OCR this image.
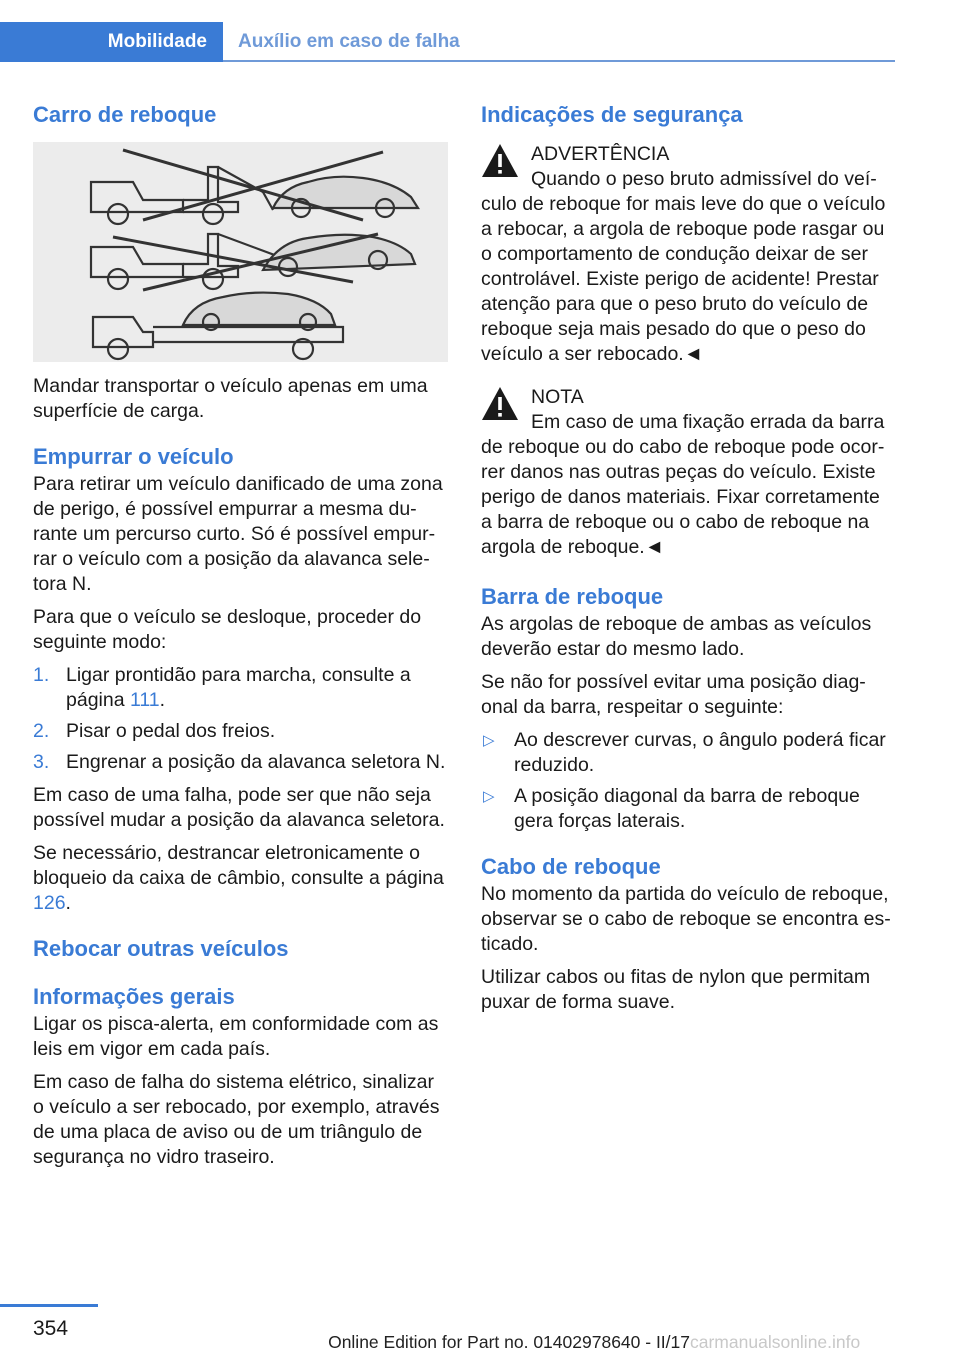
Mobilidade	Auxílio em caso de falha
Carro de reboque

Mandar transportar o veículo apenas em uma superfície de carga.

Empurrar o veículo

Para retirar um veículo danificado de uma zona de perigo, é possível empurrar a mesma du-rante um percurso curto. Só é possível empur-rar o veículo com a posição da alavanca sele-tora N.

Para que o veículo se desloque, proceder do seguinte modo:

1. Ligar prontidão para marcha, consulte a página 111.
2. Pisar o pedal dos freios.
3. Engrenar a posição da alavanca seletora N.

Em caso de uma falha, pode ser que não seja possível mudar a posição da alavanca seletora.

Se necessário, destrancar eletronicamente o bloqueio da caixa de câmbio, consulte a página 126.

Rebocar outras veículos
Informações gerais

Ligar os pisca-alerta, em conformidade com as leis em vigor em cada país.

Em caso de falha do sistema elétrico, sinalizar o veículo a ser rebocado, por exemplo, através de uma placa de aviso ou de um triângulo de segurança no vidro traseiro.

Indicações de segurança
ADVERTÊNCIA
Quando o peso bruto admissível do veí-
culo de reboque for mais leve do que o veículo a rebocar, a argola de reboque pode rasgar ou o comportamento de condução deixar de ser controlável. Existe perigo de acidente! Prestar atenção para que o peso bruto do veículo de reboque seja mais pesado do que o peso do veículo a ser rebocado.◄
NOTA
Em caso de uma fixação errada da barra
de reboque ou do cabo de reboque pode ocor-rer danos nas outras peças do veículo. Existe perigo de danos materiais. Fixar corretamente a barra de reboque ou o cabo de reboque na argola de reboque.◄
Barra de reboque

As argolas de reboque de ambas as veículos deverão estar do mesmo lado.

Se não for possível evitar uma posição diag-onal da barra, respeitar o seguinte:

▷ Ao descrever curvas, o ângulo poderá ficar reduzido.
▷ A posição diagonal da barra de reboque gera forças laterais.
Cabo de reboque

No momento da partida do veículo de reboque, observar se o cabo de reboque se encontra es-ticado.

Utilizar cabos ou fitas de nylon que permitam puxar de forma suave.

354
Online Edition for Part no. 01402978640 - II/17 carmanualsonline.info
